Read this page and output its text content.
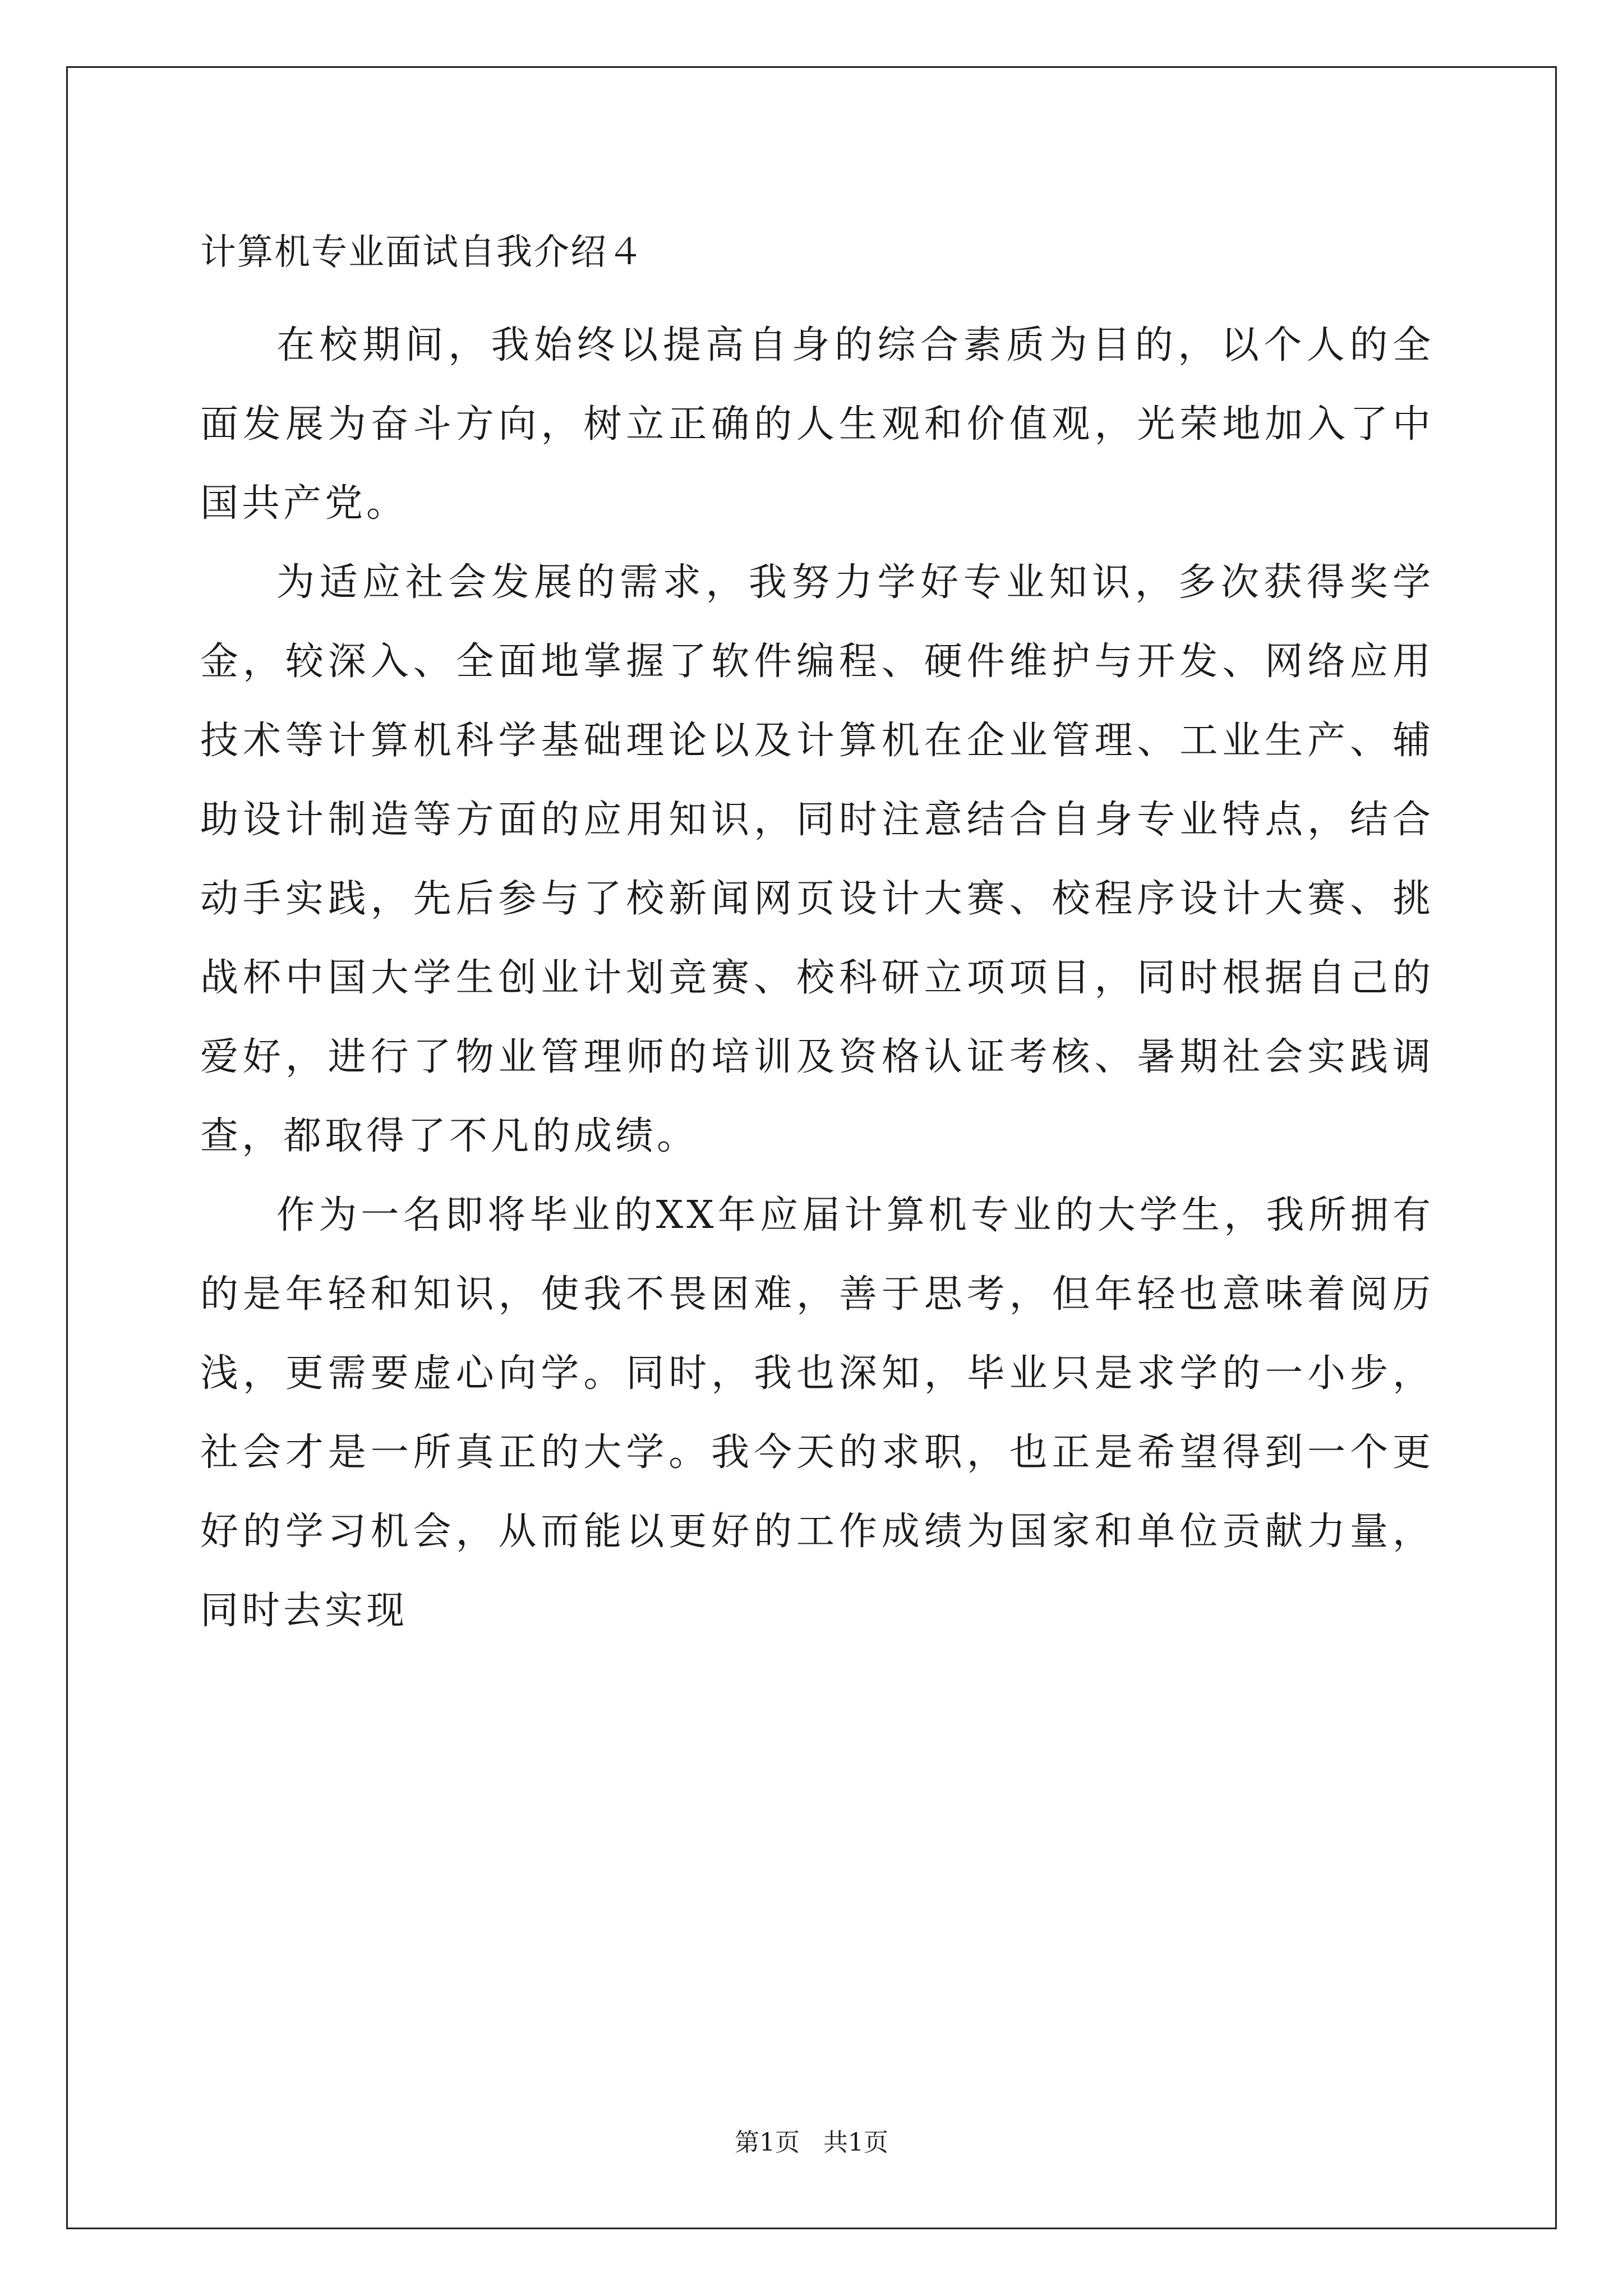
计算机专业面试自我介绍４

在校期间，我始终以提高自身的综合素质为目的，以个人的全面发展为奋斗方向，树立正确的人生观和价值观，光荣地加入了中国共产党。

为适应社会发展的需求，我努力学好专业知识，多次获得奖学金，较深入、全面地掌握了软件编程、硬件维护与开发、网络应用技术等计算机科学基础理论以及计算机在企业管理、工业生产、辅助设计制造等方面的应用知识，同时注意结合自身专业特点，结合动手实践，先后参与了校新闻网页设计大赛、校程序设计大赛、挑战杯中国大学生创业计划竞赛、校科研立项项目，同时根据自己的爱好，进行了物业管理师的培训及资格认证考核、暑期社会实践调查，都取得了不凡的成绩。

作为一名即将毕业的XX年应届计算机专业的大学生，我所拥有的是年轻和知识，使我不畏困难，善于思考，但年轻也意味着阅历浅，更需要虚心向学。同时，我也深知，毕业只是求学的一小步，社会才是一所真正的大学。我今天的求职，也正是希望得到一个更好的学习机会，从而能以更好的工作成绩为国家和单位贡献力量，同时去实现

第1页   共1页
